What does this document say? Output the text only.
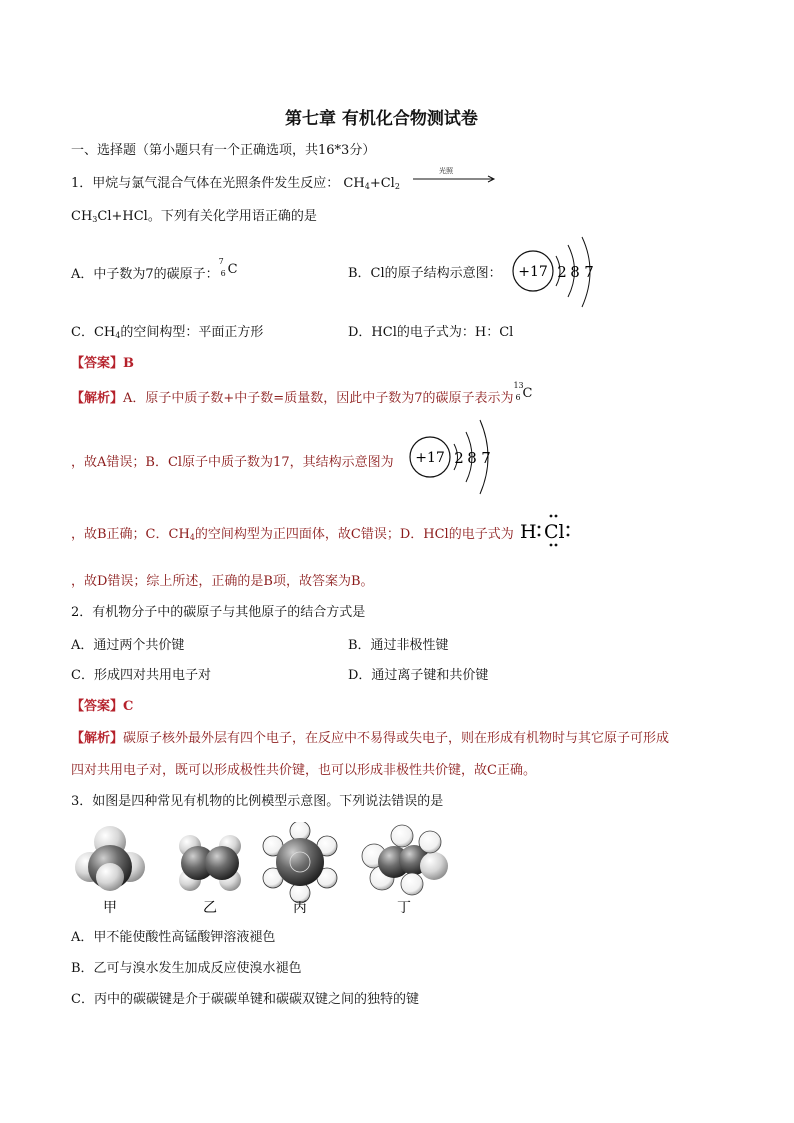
第七章 有机化合物测试卷
一、选择题（第小题只有一个正确选项，共16*3分）
1．甲烷与氯气混合气体在光照条件发生反应： $CH_4+Cl_2$
光照
$CH_3Cl+HCl$。下列有关化学用语正确的是
A．中子数为7的碳原子：
7
6 C	B．Cl的原子结构示意图： +17 2 8 7
C．$CH_4$的空间构型：平面正方形	D．HCl的电子式为：H：Cl
【答案】B
【解析】A．原子中质子数+中子数=质量数，因此中子数为7的碳原子表示为
13
6 C
，故A错误；B．Cl原子中质子数为17，其结构示意图为 +17 2 8 7
，故B正确；C．$CH_4$的空间构型为正四面体，故C错误；D．HCl的电子式为 H Cl
，故D错误；综上所述，正确的是B项，故答案为B。
2．有机物分子中的碳原子与其他原子的结合方式是
A．通过两个共价键	B．通过非极性键
C．形成四对共用电子对	D．通过离子键和共价键
【答案】C
【解析】碳原子核外最外层有四个电子，在反应中不易得或失电子，则在形成有机物时与其它原子可形成
四对共用电子对，既可以形成极性共价键，也可以形成非极性共价键，故C正确。
3．如图是四种常见有机物的比例模型示意图。下列说法错误的是
甲	乙	丙	丁
A．甲不能使酸性高锰酸钾溶液褪色
B．乙可与溴水发生加成反应使溴水褪色
C．丙中的碳碳键是介于碳碳单键和碳碳双键之间的独特的键
